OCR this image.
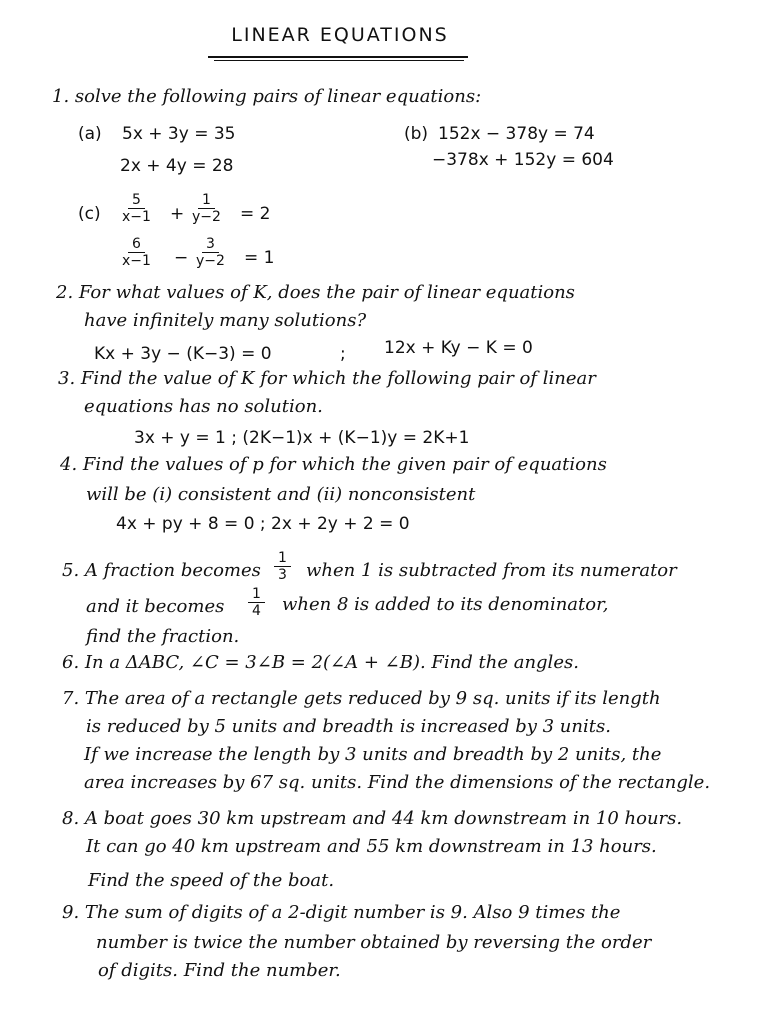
LINEAR EQUATIONS
1. solve the following pairs of linear equations:
(a) 5x + 3y = 35
2x + 4y = 28
(b) 152x − 378y = 74
−378x + 152y = 604
$(c) \frac{5}{x-1} + \frac{1}{y-2} = 2$
$\frac{6}{x-1} - \frac{3}{y-2} = 1$
2. For what values of K, does the pair of linear equations
have infinitely many solutions?
Kx + 3y − (K−3) = 0	; 12x + Ky − K = 0
3. Find the value of K for which the following pair of linear
equations has no solution.
3x + y = 1 ; (2K−1)x + (K−1)y = 2K+1
4. Find the values of p for which the given pair of equations
will be (i) consistent and (ii) nonconsistent
4x + py + 8 = 0 ; 2x + 2y + 2 = 0
5. A fraction becomes $\frac{1}{3}$ when 1 is subtracted from its numerator
and it becomes $\frac{1}{4}$ when 8 is added to its denominator,
find the fraction.
6. In a ΔABC, ∠C = 3∠B = 2(∠A + ∠B). Find the angles.
7. The area of a rectangle gets reduced by 9 sq. units if its length
is reduced by 5 units and breadth is increased by 3 units.
If we increase the length by 3 units and breadth by 2 units, the
area increases by 67 sq. units. Find the dimensions of the rectangle.
8. A boat goes 30 km upstream and 44 km downstream in 10 hours.
It can go 40 km upstream and 55 km downstream in 13 hours.
Find the speed of the boat.
9. The sum of digits of a 2-digit number is 9. Also 9 times the
number is twice the number obtained by reversing the order
of digits. Find the number.
